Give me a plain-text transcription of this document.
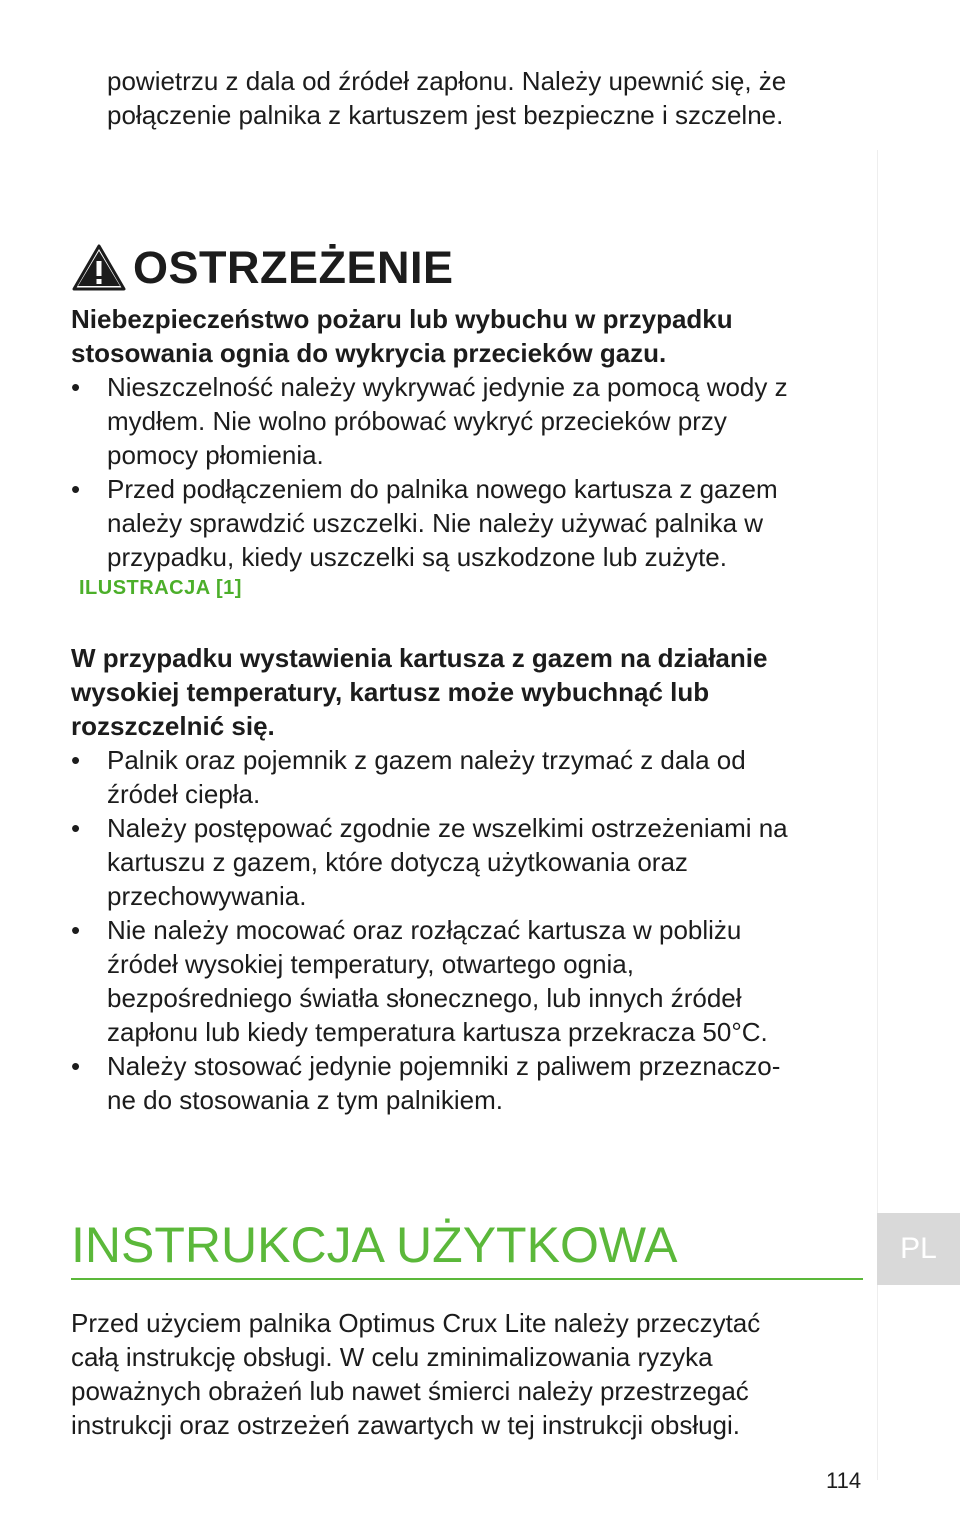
powietrzu z dala od źródeł zapłonu. Należy upewnić się, że
połączenie palnika z kartuszem jest bezpieczne i szczelne.
OSTRZEŻENIE
Niebezpieczeństwo pożaru lub wybuchu w przypadku
stosowania ognia do wykrycia przecieków gazu.
• Nieszczelność należy wykrywać jedynie za pomocą wody z
mydłem. Nie wolno próbować wykryć przecieków przy
pomocy płomienia.
• Przed podłączeniem do palnika nowego kartusza z gazem
należy sprawdzić uszczelki. Nie należy używać palnika w
przypadku, kiedy uszczelki są uszkodzone lub zużyte.
ILUSTRACJA [1]
W przypadku wystawienia kartusza z gazem na działanie
wysokiej temperatury, kartusz może wybuchnąć lub
rozszczelnić się.
• Palnik oraz pojemnik z gazem należy trzymać z dala od
źródeł ciepła.
• Należy postępować zgodnie ze wszelkimi ostrzeżeniami na
kartuszu z gazem, które dotyczą użytkowania oraz
przechowywania.
• Nie należy mocować oraz rozłączać kartusza w pobliżu
źródeł wysokiej temperatury, otwartego ognia,
bezpośredniego światła słonecznego, lub innych źródeł
zapłonu lub kiedy temperatura kartusza przekracza 50°C.
• Należy stosować jedynie pojemniki z paliwem przeznaczo-
ne do stosowania z tym palnikiem.
INSTRUKCJA UŻYTKOWA	PL
Przed użyciem palnika Optimus Crux Lite należy przeczytać
całą instrukcję obsługi. W celu zminimalizowania ryzyka
poważnych obrażeń lub nawet śmierci należy przestrzegać
instrukcji oraz ostrzeżeń zawartych w tej instrukcji obsługi.
114
